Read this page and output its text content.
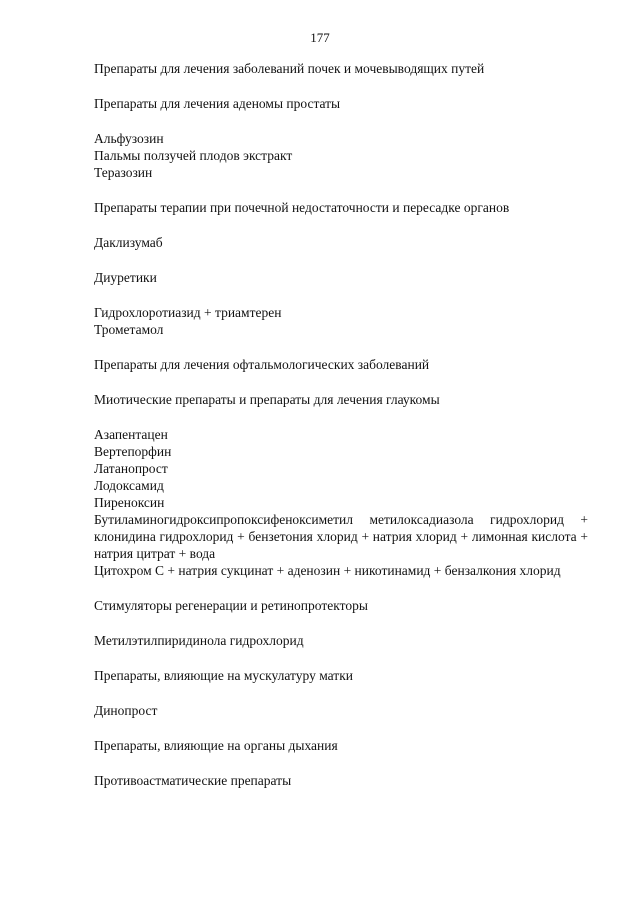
177

Препараты для лечения заболеваний почек и мочевыводящих путей

Препараты для лечения аденомы простаты

Альфузозин

Пальмы ползучей плодов экстракт

Теразозин

Препараты терапии при почечной недостаточности и пересадке органов

Даклизумаб

Диуретики

Гидрохлоротиазид + триамтерен

Трометамол

Препараты для лечения офтальмологических заболеваний

Миотические препараты и препараты для лечения глаукомы

Азапентацен

Вертепорфин

Латанопрост

Лодоксамид

Пиреноксин

Бутиламиногидроксипропоксифеноксиметил метилоксадиазола гидрохлорид + клонидина гидрохлорид + бензетония хлорид + натрия хлорид + лимонная кислота + натрия цитрат + вода

Цитохром C + натрия сукцинат + аденозин + никотинамид + бензалкония хлорид

Стимуляторы регенерации и ретинопротекторы

Метилэтилпиридинола гидрохлорид

Препараты, влияющие на мускулатуру матки

Динопрост

Препараты, влияющие на органы дыхания

Противоастматические препараты
